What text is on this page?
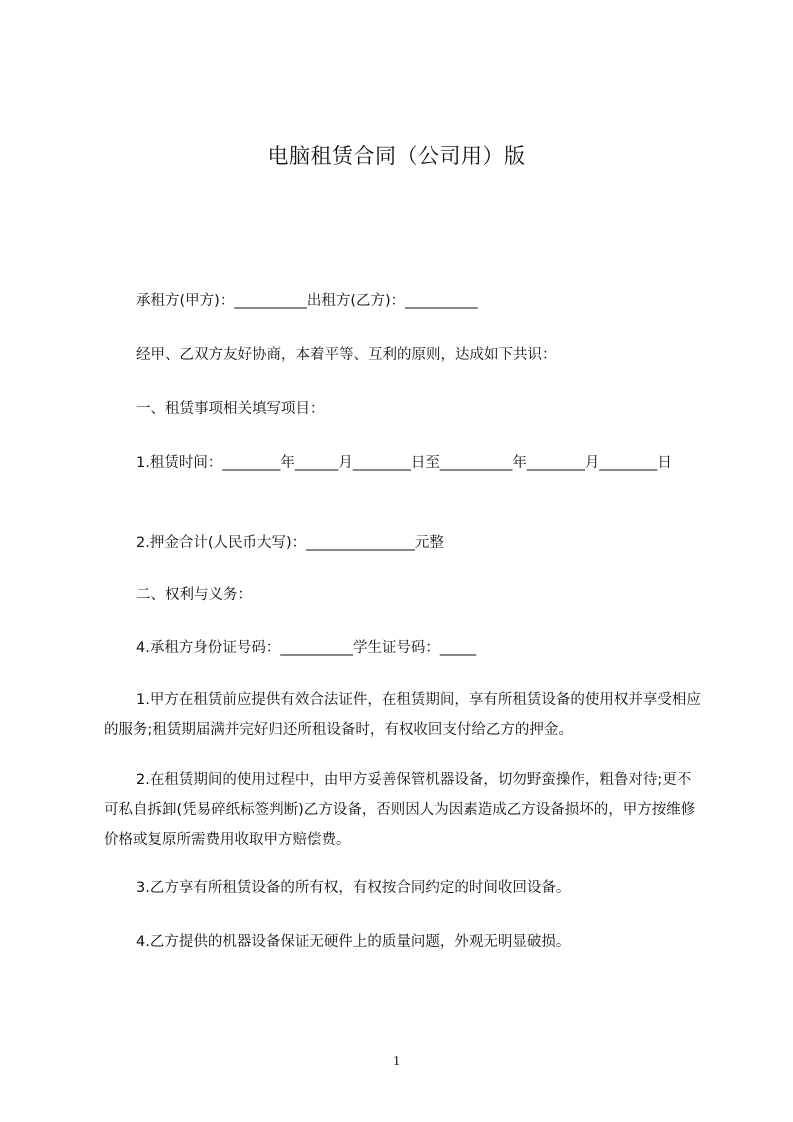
电脑租赁合同（公司用）版

承租方(甲方)：__________出租方(乙方)：__________

经甲、乙双方友好协商，本着平等、互利的原则，达成如下共识：

一、租赁事项相关填写项目：

1.租赁时间：________年______月________日至__________年________月________日

2.押金合计(人民币大写)：_______________元整

二、权利与义务：

4.承租方身份证号码：__________学生证号码：_____

1.甲方在租赁前应提供有效合法证件，在租赁期间，享有所租赁设备的使用权并享受相应的服务;租赁期届满并完好归还所租设备时，有权收回支付给乙方的押金。

2.在租赁期间的使用过程中，由甲方妥善保管机器设备，切勿野蛮操作，粗鲁对待;更不可私自拆卸(凭易碎纸标签判断)乙方设备，否则因人为因素造成乙方设备损坏的，甲方按维修价格或复原所需费用收取甲方赔偿费。

3.乙方享有所租赁设备的所有权，有权按合同约定的时间收回设备。

4.乙方提供的机器设备保证无硬件上的质量问题，外观无明显破损。

1
